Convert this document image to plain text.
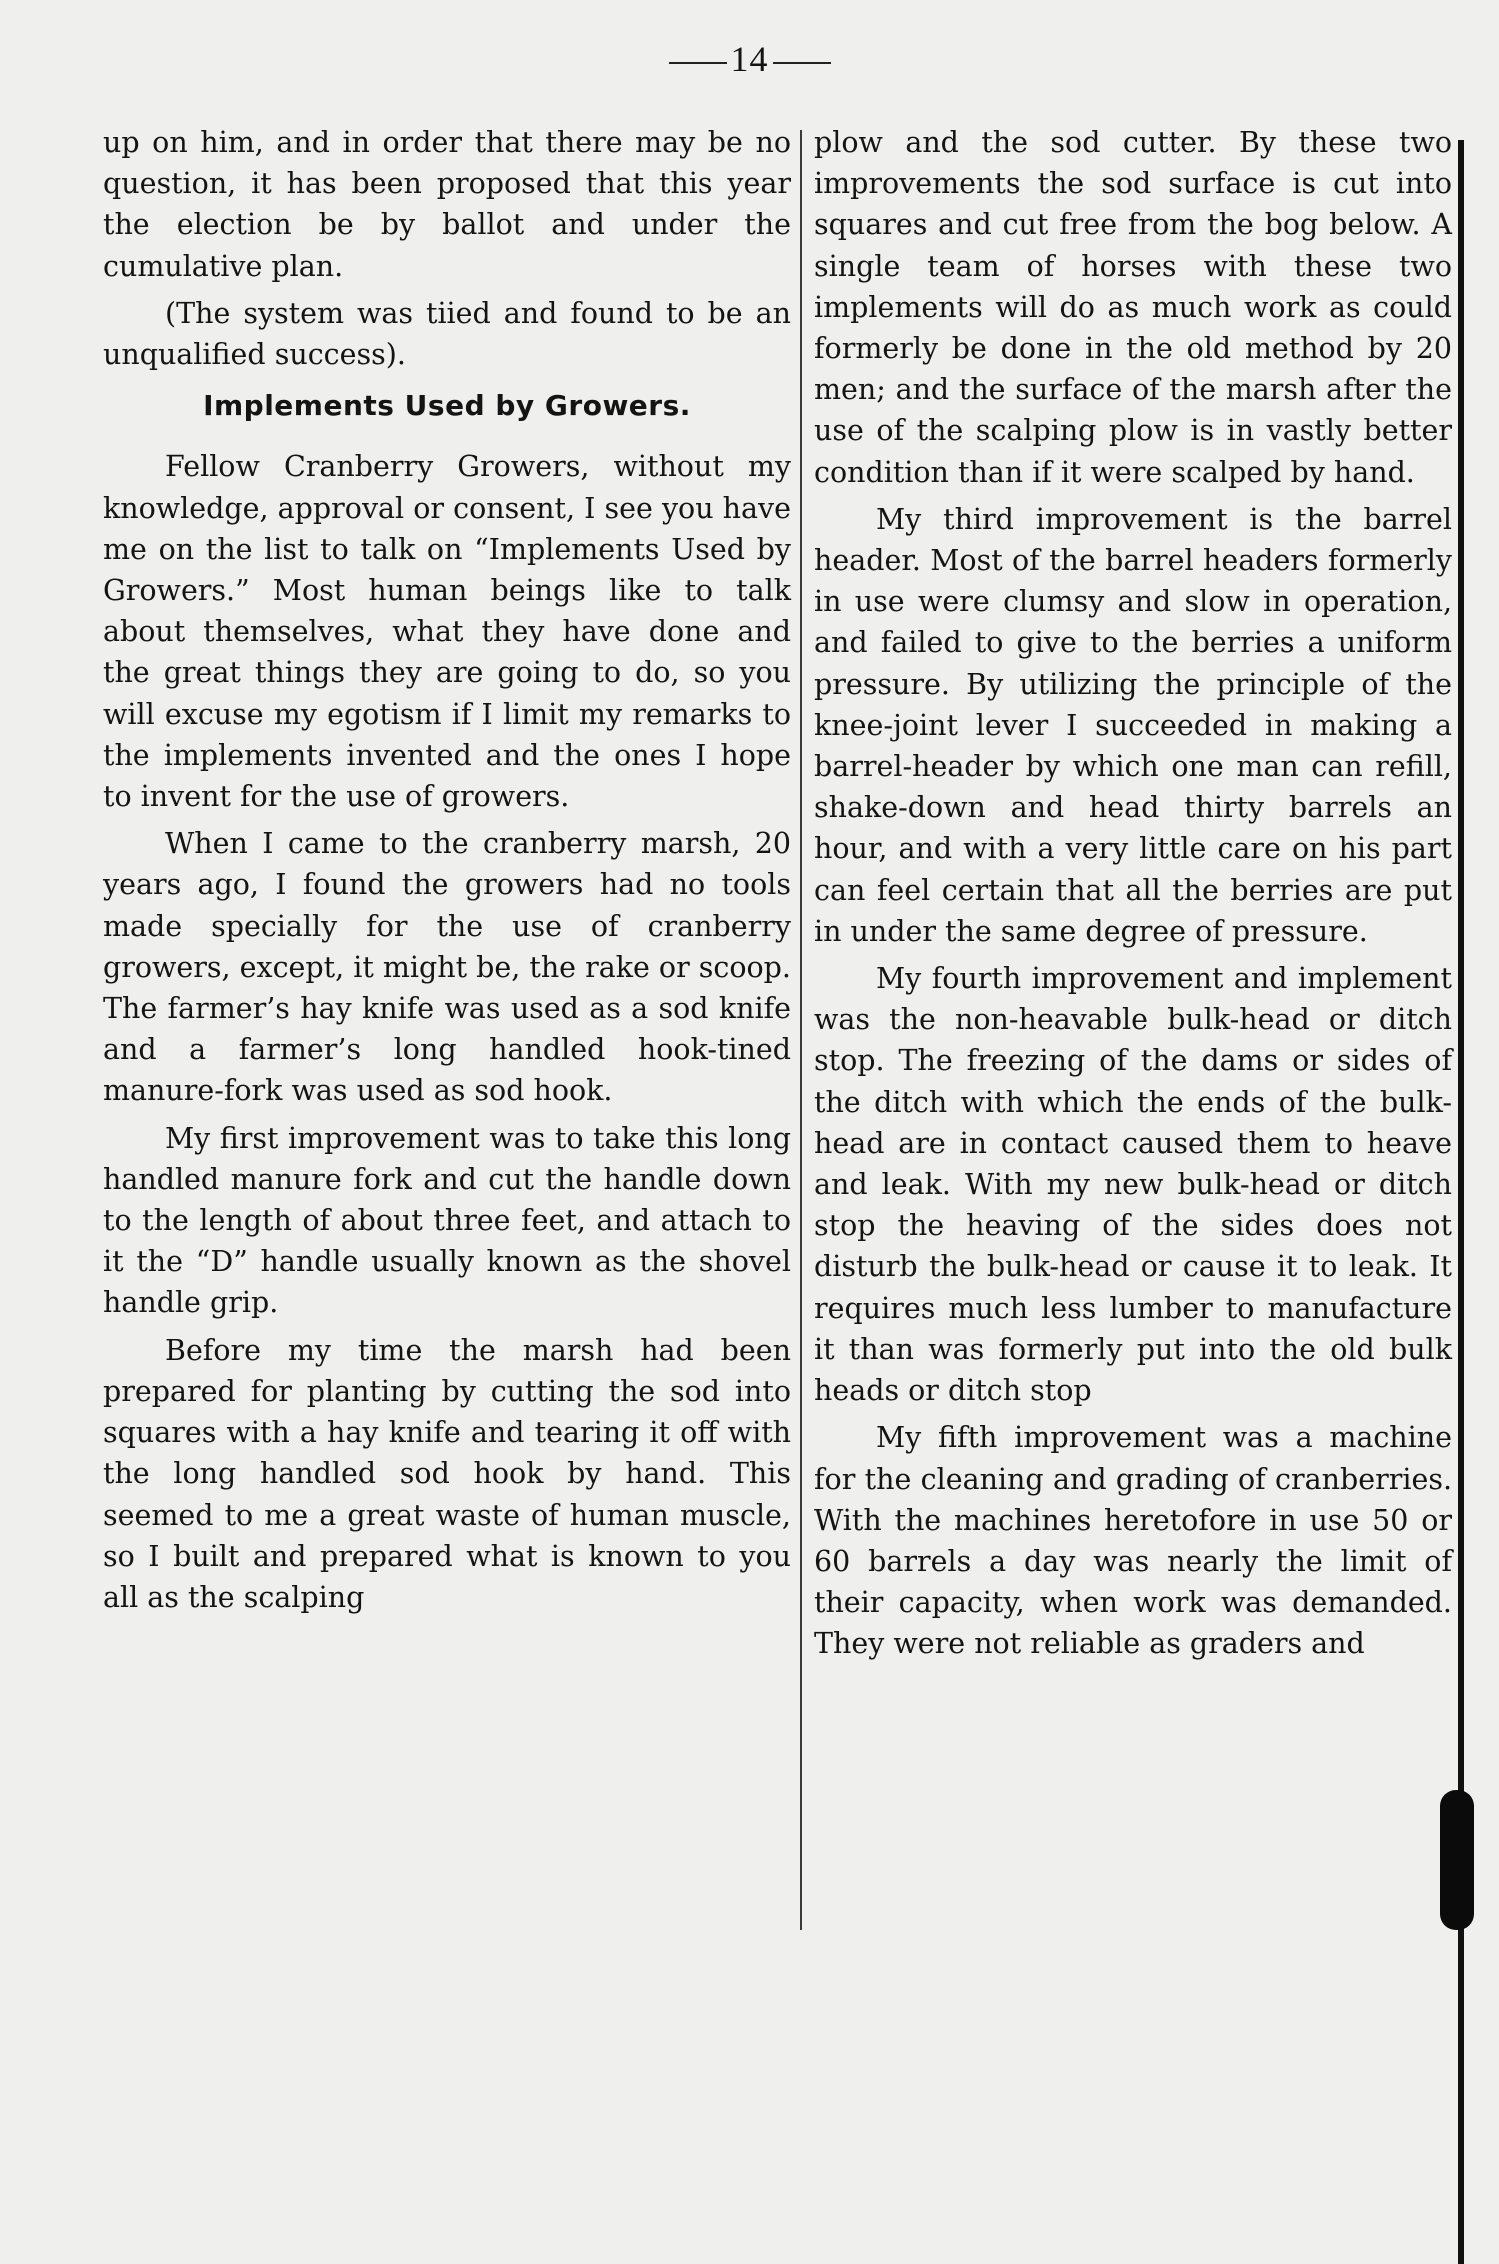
14

up on him, and in order that there may be no question, it has been proposed that this year the election be by ballot and under the cumulative plan.

(The system was tiied and found to be an unqualified success).

Implements Used by Growers.

Fellow Cranberry Growers, without my knowledge, approval or consent, I see you have me on the list to talk on “Implements Used by Growers.” Most human beings like to talk about themselves, what they have done and the great things they are going to do, so you will excuse my egotism if I limit my remarks to the implements invented and the ones I hope to invent for the use of growers.

When I came to the cranberry marsh, 20 years ago, I found the growers had no tools made specially for the use of cranberry growers, except, it might be, the rake or scoop. The farmer’s hay knife was used as a sod knife and a farmer’s long handled hook-tined manure-fork was used as sod hook.

My first improvement was to take this long handled manure fork and cut the handle down to the length of about three feet, and attach to it the “D” handle usually known as the shovel handle grip.

Before my time the marsh had been prepared for planting by cutting the sod into squares with a hay knife and tearing it off with the long handled sod hook by hand. This seemed to me a great waste of human muscle, so I built and prepared what is known to you all as the scalping

plow and the sod cutter. By these two improvements the sod surface is cut into squares and cut free from the bog below. A single team of horses with these two implements will do as much work as could formerly be done in the old method by 20 men; and the surface of the marsh after the use of the scalping plow is in vastly better condition than if it were scalped by hand.

My third improvement is the barrel header. Most of the barrel headers formerly in use were clumsy and slow in operation, and failed to give to the berries a uniform pressure. By utilizing the principle of the knee-joint lever I succeeded in making a barrel-header by which one man can refill, shake-down and head thirty barrels an hour, and with a very little care on his part can feel certain that all the berries are put in under the same degree of pressure.

My fourth improvement and implement was the non-heavable bulk-head or ditch stop. The freezing of the dams or sides of the ditch with which the ends of the bulk-head are in contact caused them to heave and leak. With my new bulk-head or ditch stop the heaving of the sides does not disturb the bulk-head or cause it to leak. It requires much less lumber to manufacture it than was formerly put into the old bulk heads or ditch stop

My fifth improvement was a machine for the cleaning and grading of cranberries. With the machines heretofore in use 50 or 60 barrels a day was nearly the limit of their capacity, when work was demanded. They were not reliable as graders and
